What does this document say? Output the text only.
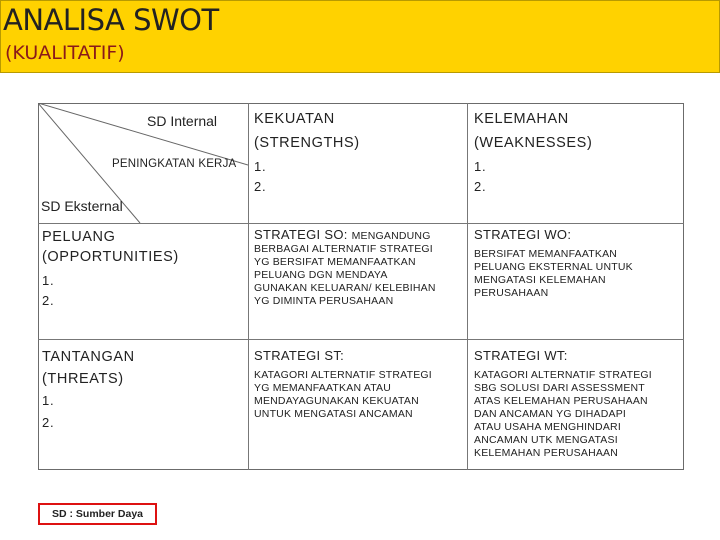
ANALISA SWOT
(KUALITATIF)
SD Internal
PENINGKATAN KERJA
SD Eksternal
KEKUATAN
(STRENGTHS)
1.
2.
KELEMAHAN
(WEAKNESSES)
1.
2.
PELUANG
(OPPORTUNITIES)
1.
2.
STRATEGI SO: MENGANDUNG
BERBAGAI ALTERNATIF STRATEGI
YG BERSIFAT MEMANFAATKAN
PELUANG DGN MENDAYA
GUNAKAN KELUARAN/ KELEBIHAN
YG DIMINTA PERUSAHAAN
STRATEGI WO:
BERSIFAT MEMANFAATKAN
PELUANG EKSTERNAL UNTUK
MENGATASI KELEMAHAN
PERUSAHAAN
TANTANGAN
(THREATS)
1.
2.
STRATEGI ST:
KATAGORI ALTERNATIF STRATEGI
YG MEMANFAATKAN ATAU
MENDAYAGUNAKAN KEKUATAN
UNTUK MENGATASI ANCAMAN
STRATEGI WT:
KATAGORI ALTERNATIF STRATEGI
SBG SOLUSI DARI ASSESSMENT
ATAS KELEMAHAN PERUSAHAAN
DAN ANCAMAN YG DIHADAPI
ATAU USAHA MENGHINDARI
ANCAMAN UTK MENGATASI
KELEMAHAN PERUSAHAAN
SD : Sumber Daya
